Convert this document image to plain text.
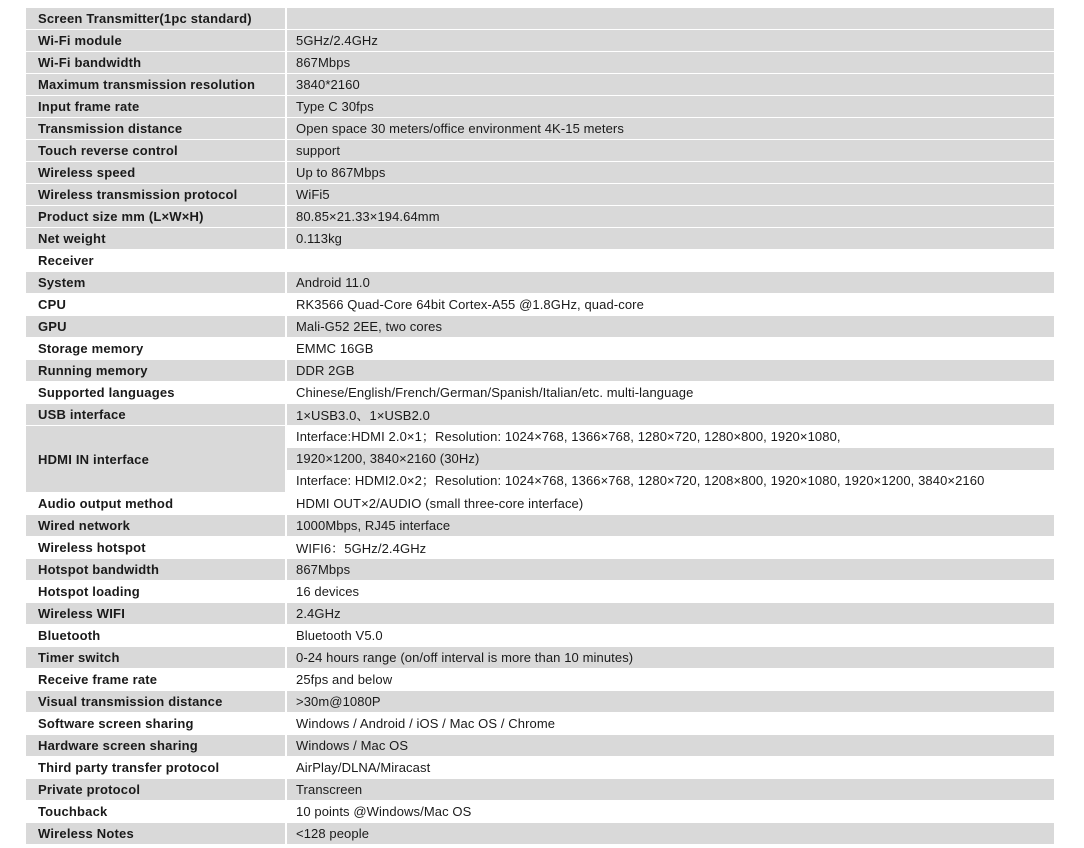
Screen Transmitter(1pc standard)	
Wi-Fi module	5GHz/2.4GHz
Wi-Fi bandwidth	867Mbps
Maximum transmission resolution	3840*2160
Input frame rate	Type C 30fps
Transmission distance	Open space 30 meters/office environment 4K-15 meters
Touch reverse control	support
Wireless speed	Up to 867Mbps
Wireless transmission protocol	WiFi5
Product size mm (L×W×H)	80.85×21.33×194.64mm
Net weight	0.113kg
Receiver	
System	Android 11.0
CPU	RK3566 Quad-Core 64bit Cortex-A55 @1.8GHz, quad-core
GPU	Mali-G52 2EE, two cores
Storage memory	EMMC 16GB
Running memory	DDR 2GB
Supported languages	Chinese/English/French/German/Spanish/Italian/etc. multi-language
USB interface	1×USB3.0、1×USB2.0
HDMI IN interface	Interface:HDMI 2.0×1；Resolution: 1024×768, 1366×768, 1280×720, 1280×800, 1920×1080,
1920×1200, 3840×2160 (30Hz)
Interface: HDMI2.0×2；Resolution: 1024×768, 1366×768, 1280×720, 1208×800, 1920×1080, 1920×1200, 3840×2160

Audio output method	HDMI OUT×2/AUDIO (small three-core interface)
Wired network	1000Mbps, RJ45 interface
Wireless hotspot	WIFI6：5GHz/2.4GHz
Hotspot bandwidth	867Mbps
Hotspot loading	16 devices
Wireless WIFI	2.4GHz
Bluetooth	Bluetooth V5.0
Timer switch	0-24 hours range (on/off interval is more than 10 minutes)
Receive frame rate	25fps and below
Visual transmission distance	>30m@1080P
Software screen sharing	Windows / Android / iOS / Mac OS / Chrome
Hardware screen sharing	Windows / Mac OS
Third party transfer protocol	AirPlay/DLNA/Miracast
Private protocol	Transcreen
Touchback	10 points @Windows/Mac OS
Wireless Notes	<128 people
